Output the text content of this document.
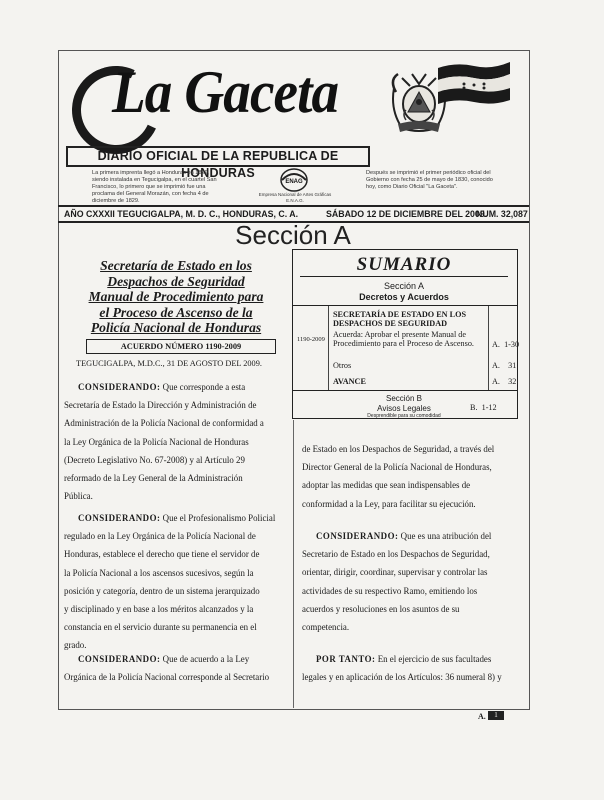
La Gaceta
DIARIO OFICIAL DE LA REPUBLICA DE HONDURAS
La primera imprenta llegó a Honduras en 1829,
siendo instalada en Tegucigalpa, en el cuartel San
Francisco, lo primero que se imprimió fue una
proclama del General Morazán, con fecha 4 de
diciembre de 1829.
ENAG
Empresa Nacional de Artes Gráficas
E.N.A.G.
Después se imprimió el primer periódico oficial del
Gobierno con fecha 25 de mayo de 1830, conocido
hoy, como Diario Oficial "La Gaceta".
AÑO CXXXII TEGUCIGALPA, M. D. C., HONDURAS, C. A.	SÁBADO 12 DE DICIEMBRE DEL 2009.
NUM. 32,087
Sección A
Secretaría de Estado en los
Despachos de Seguridad
Manual de Procedimiento para
el Proceso de Ascenso de la
Policía Nacional de Honduras
ACUERDO NÚMERO 1190-2009
TEGUCIGALPA, M.D.C., 31 DE AGOSTO DEL 2009.
CONSIDERANDO: Que corresponde a esta
Secretaría de Estado la Dirección y Administración de
Administración de la Policía Nacional de conformidad a
la Ley Orgánica de la Policía Nacional de Honduras
(Decreto Legislativo No. 67-2008) y al Artículo 29
reformado de la Ley General de la Administración
Pública.
CONSIDERANDO: Que el Profesionalismo Policial
regulado en la Ley Orgánica de la Policía Nacional de
Honduras, establece el derecho que tiene el servidor de
la Policía Nacional a los ascensos sucesivos, según la
posición y categoría, dentro de un sistema jerarquizado
y disciplinado y en base a los méritos alcanzados y la
constancia en el servicio durante su permanencia en el
grado.
CONSIDERANDO: Que de acuerdo a la Ley
Orgánica de la Policía Nacional corresponde al Secretario
SUMARIO
Sección A
Decretos y Acuerdos
1190-2009
SECRETARÍA DE ESTADO EN LOS
DESPACHOS DE SEGURIDAD
Acuerda: Aprobar el presente Manual de
Procedimiento para el Proceso de Ascenso. A. 1-30
Otros	A. 31
AVANCE	A. 32
Sección B
Avisos Legales	B. 1-12
Desprendible para su comodidad
de Estado en los Despachos de Seguridad, a través del
Director General de la Policía Nacional de Honduras,
adoptar las medidas que sean indispensables de
conformidad a la Ley, para facilitar su ejecución.
CONSIDERANDO: Que es una atribución del
Secretario de Estado en los Despachos de Seguridad,
orientar, dirigir, coordinar, supervisar y controlar las
actividades de su respectivo Ramo, emitiendo los
acuerdos y resoluciones en los asuntos de su
competencia.
POR TANTO: En el ejercicio de sus facultades
legales y en aplicación de los Artículos: 36 numeral 8) y
A.	1
